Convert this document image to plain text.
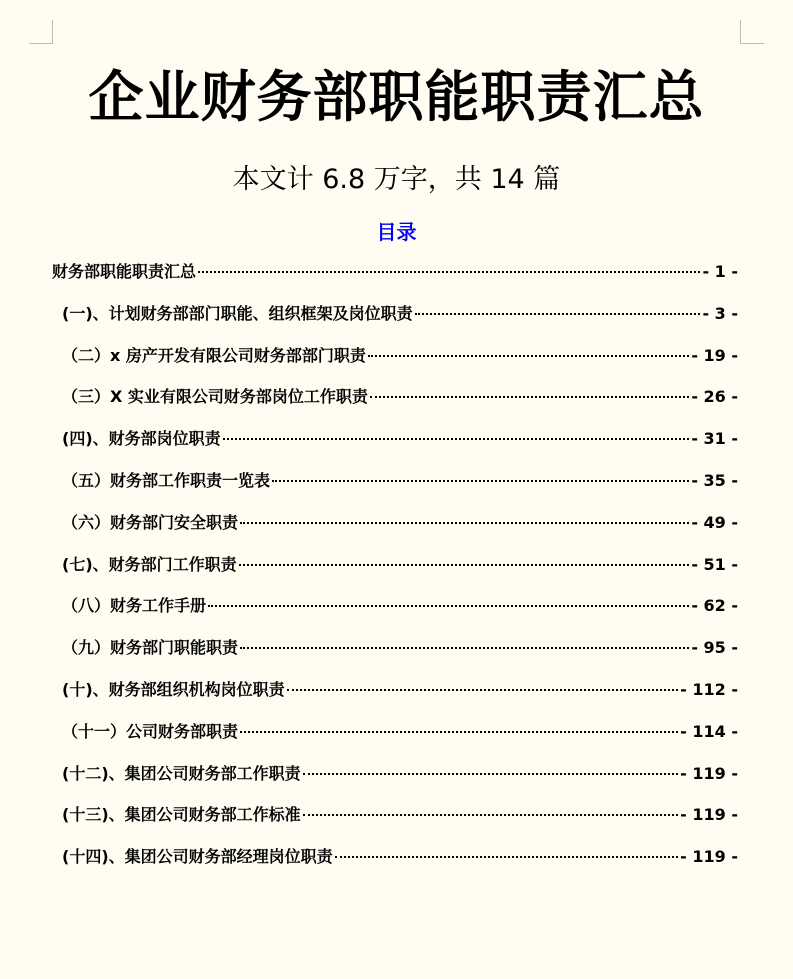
企业财务部职能职责汇总
本文计 6.8 万字，共 14 篇
目录
财务部职能职责汇总	- 1 -
(一)、计划财务部部门职能、组织框架及岗位职责	- 3 -
（二）x 房产开发有限公司财务部部门职责	- 19 -
（三）X 实业有限公司财务部岗位工作职责	- 26 -
(四)、财务部岗位职责	- 31 -
（五）财务部工作职责一览表	- 35 -
（六）财务部门安全职责	- 49 -
(七)、财务部门工作职责	- 51 -
（八）财务工作手册	- 62 -
（九）财务部门职能职责	- 95 -
(十)、财务部组织机构岗位职责	- 112 -
（十一）公司财务部职责	- 114 -
(十二)、集团公司财务部工作职责	- 119 -
(十三)、集团公司财务部工作标准	- 119 -
(十四)、集团公司财务部经理岗位职责	- 119 -
